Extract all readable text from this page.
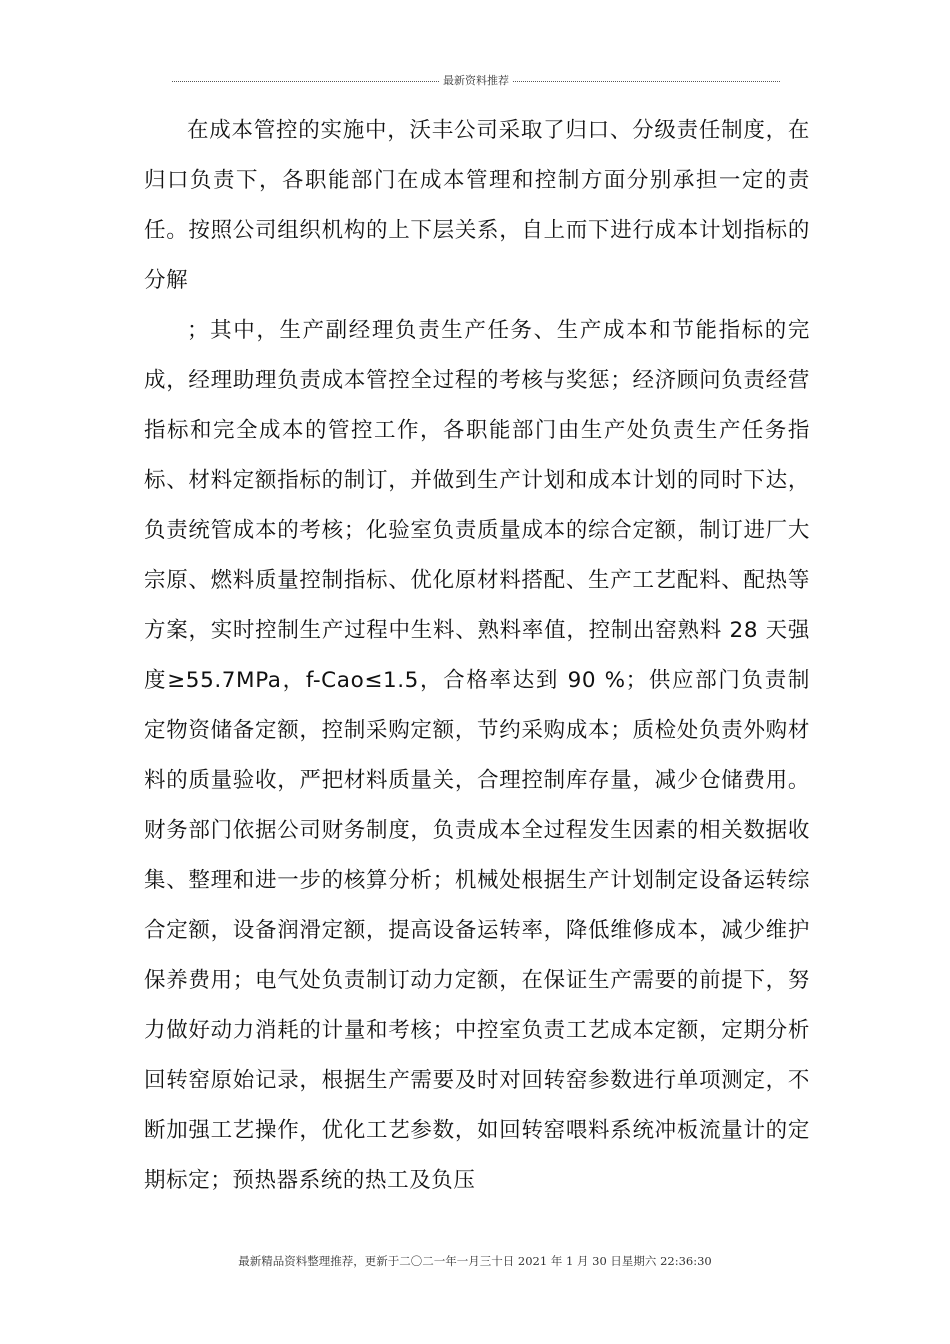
最新资料推荐

在成本管控的实施中，沃丰公司采取了归口、分级责任制度，在归口负责下，各职能部门在成本管理和控制方面分别承担一定的责任。按照公司组织机构的上下层关系，自上而下进行成本计划指标的分解

；其中，生产副经理负责生产任务、生产成本和节能指标的完成，经理助理负责成本管控全过程的考核与奖惩；经济顾问负责经营指标和完全成本的管控工作，各职能部门由生产处负责生产任务指标、材料定额指标的制订，并做到生产计划和成本计划的同时下达，负责统管成本的考核；化验室负责质量成本的综合定额，制订进厂大宗原、燃料质量控制指标、优化原材料搭配、生产工艺配料、配热等方案，实时控制生产过程中生料、熟料率值，控制出窑熟料 28 天强度≥55.7MPa，f-Cao≤1.5，合格率达到 90 %；供应部门负责制定物资储备定额，控制采购定额，节约采购成本；质检处负责外购材料的质量验收，严把材料质量关，合理控制库存量，减少仓储费用。财务部门依据公司财务制度，负责成本全过程发生因素的相关数据收集、整理和进一步的核算分析；机械处根据生产计划制定设备运转综合定额，设备润滑定额，提高设备运转率，降低维修成本，减少维护保养费用；电气处负责制订动力定额，在保证生产需要的前提下，努力做好动力消耗的计量和考核；中控室负责工艺成本定额，定期分析回转窑原始记录，根据生产需要及时对回转窑参数进行单项测定，不断加强工艺操作，优化工艺参数，如回转窑喂料系统冲板流量计的定期标定；预热器系统的热工及负压

最新精品资料整理推荐，更新于二〇二一年一月三十日 2021 年 1 月 30 日星期六 22:36:30
